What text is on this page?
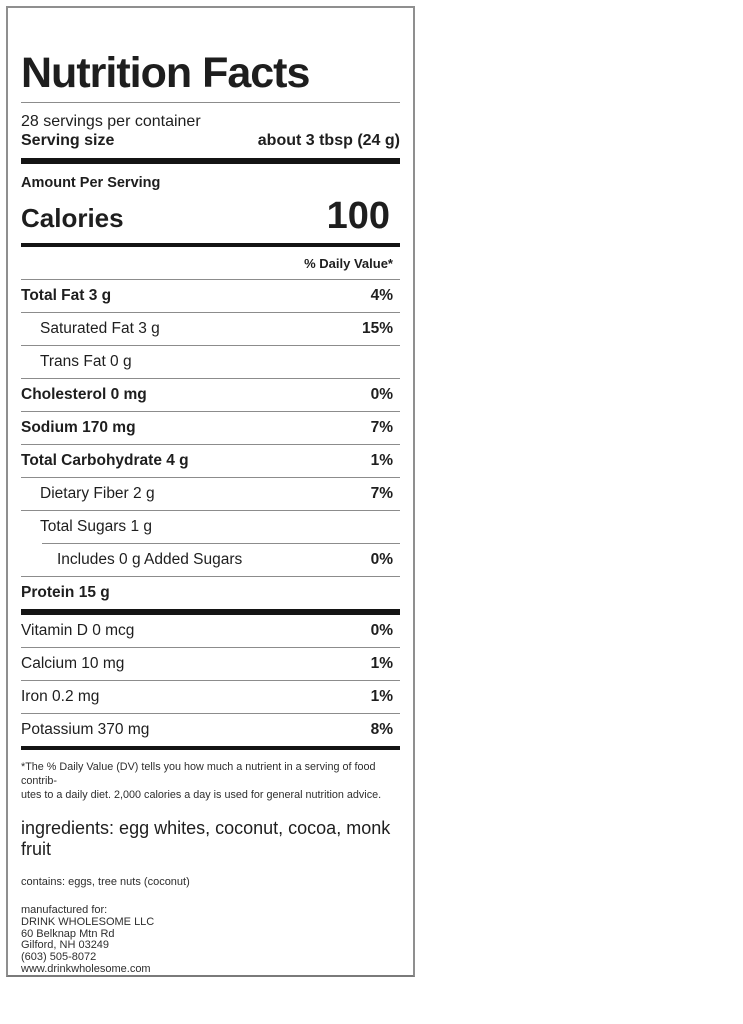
Nutrition Facts
28 servings per container
Serving size	about 3 tbsp (24 g)
Amount Per Serving
Calories	100
% Daily Value*
Total Fat 3 g	4%
Saturated Fat 3 g	15%
Trans Fat 0 g
Cholesterol 0 mg	0%
Sodium 170 mg	7%
Total Carbohydrate 4 g	1%
Dietary Fiber 2 g	7%
Total Sugars 1 g
Includes 0 g Added Sugars	0%
Protein 15 g
Vitamin D 0 mcg	0%
Calcium 10 mg	1%
Iron 0.2 mg	1%
Potassium 370 mg	8%
*The % Daily Value (DV) tells you how much a nutrient in a serving of food contrib-
utes to a daily diet. 2,000 calories a day is used for general nutrition advice.
ingredients: egg whites, coconut, cocoa, monk fruit
contains: eggs, tree nuts (coconut)
manufactured for:
DRINK WHOLESOME LLC
60 Belknap Mtn Rd
Gilford, NH 03249
(603) 505-8072
www.drinkwholesome.com
